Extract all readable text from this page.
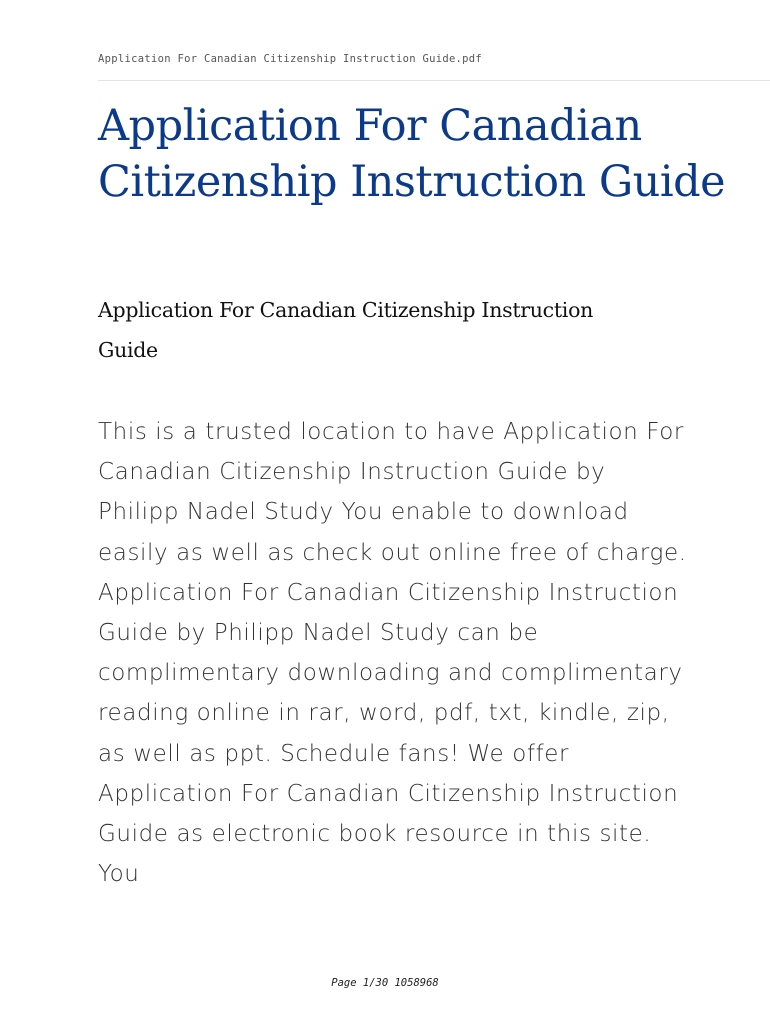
Application For Canadian Citizenship Instruction Guide.pdf
Application For Canadian Citizenship Instruction Guide
Application For Canadian Citizenship Instruction Guide

This is a trusted location to have Application For Canadian Citizenship Instruction Guide by Philipp Nadel Study You enable to download easily as well as check out online free of charge. Application For Canadian Citizenship Instruction Guide by Philipp Nadel Study can be complimentary downloading and complimentary reading online in rar, word, pdf, txt, kindle, zip, as well as ppt. Schedule fans! We offer Application For Canadian Citizenship Instruction Guide as electronic book resource in this site. You

Page 1/30 1058968
